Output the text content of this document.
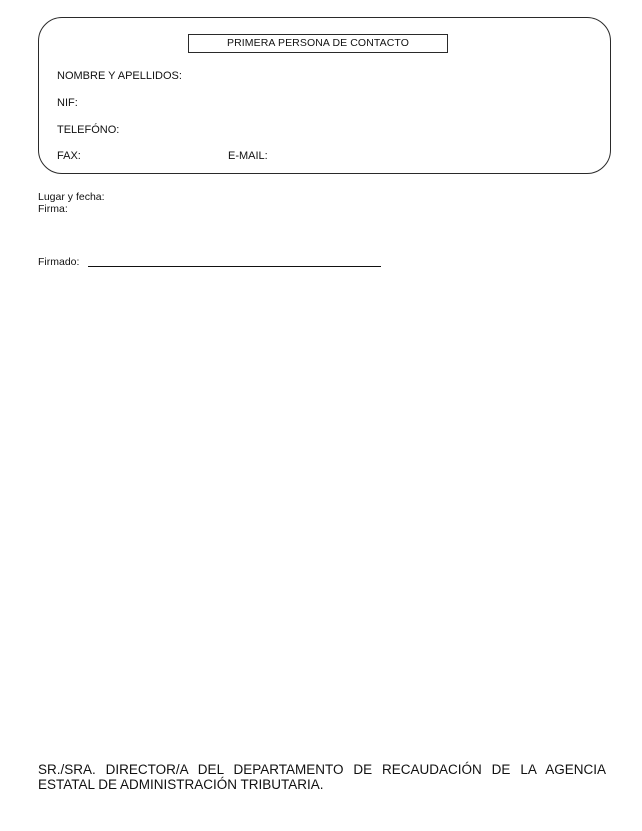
PRIMERA PERSONA DE CONTACTO
NOMBRE Y APELLIDOS:
NIF:
TELEFÓNO:
FAX:	E-MAIL:
Lugar y fecha:
Firma:
Firmado:
SR./SRA. DIRECTOR/A DEL DEPARTAMENTO DE RECAUDACIÓN DE LA AGENCIA ESTATAL DE ADMINISTRACIÓN TRIBUTARIA.
